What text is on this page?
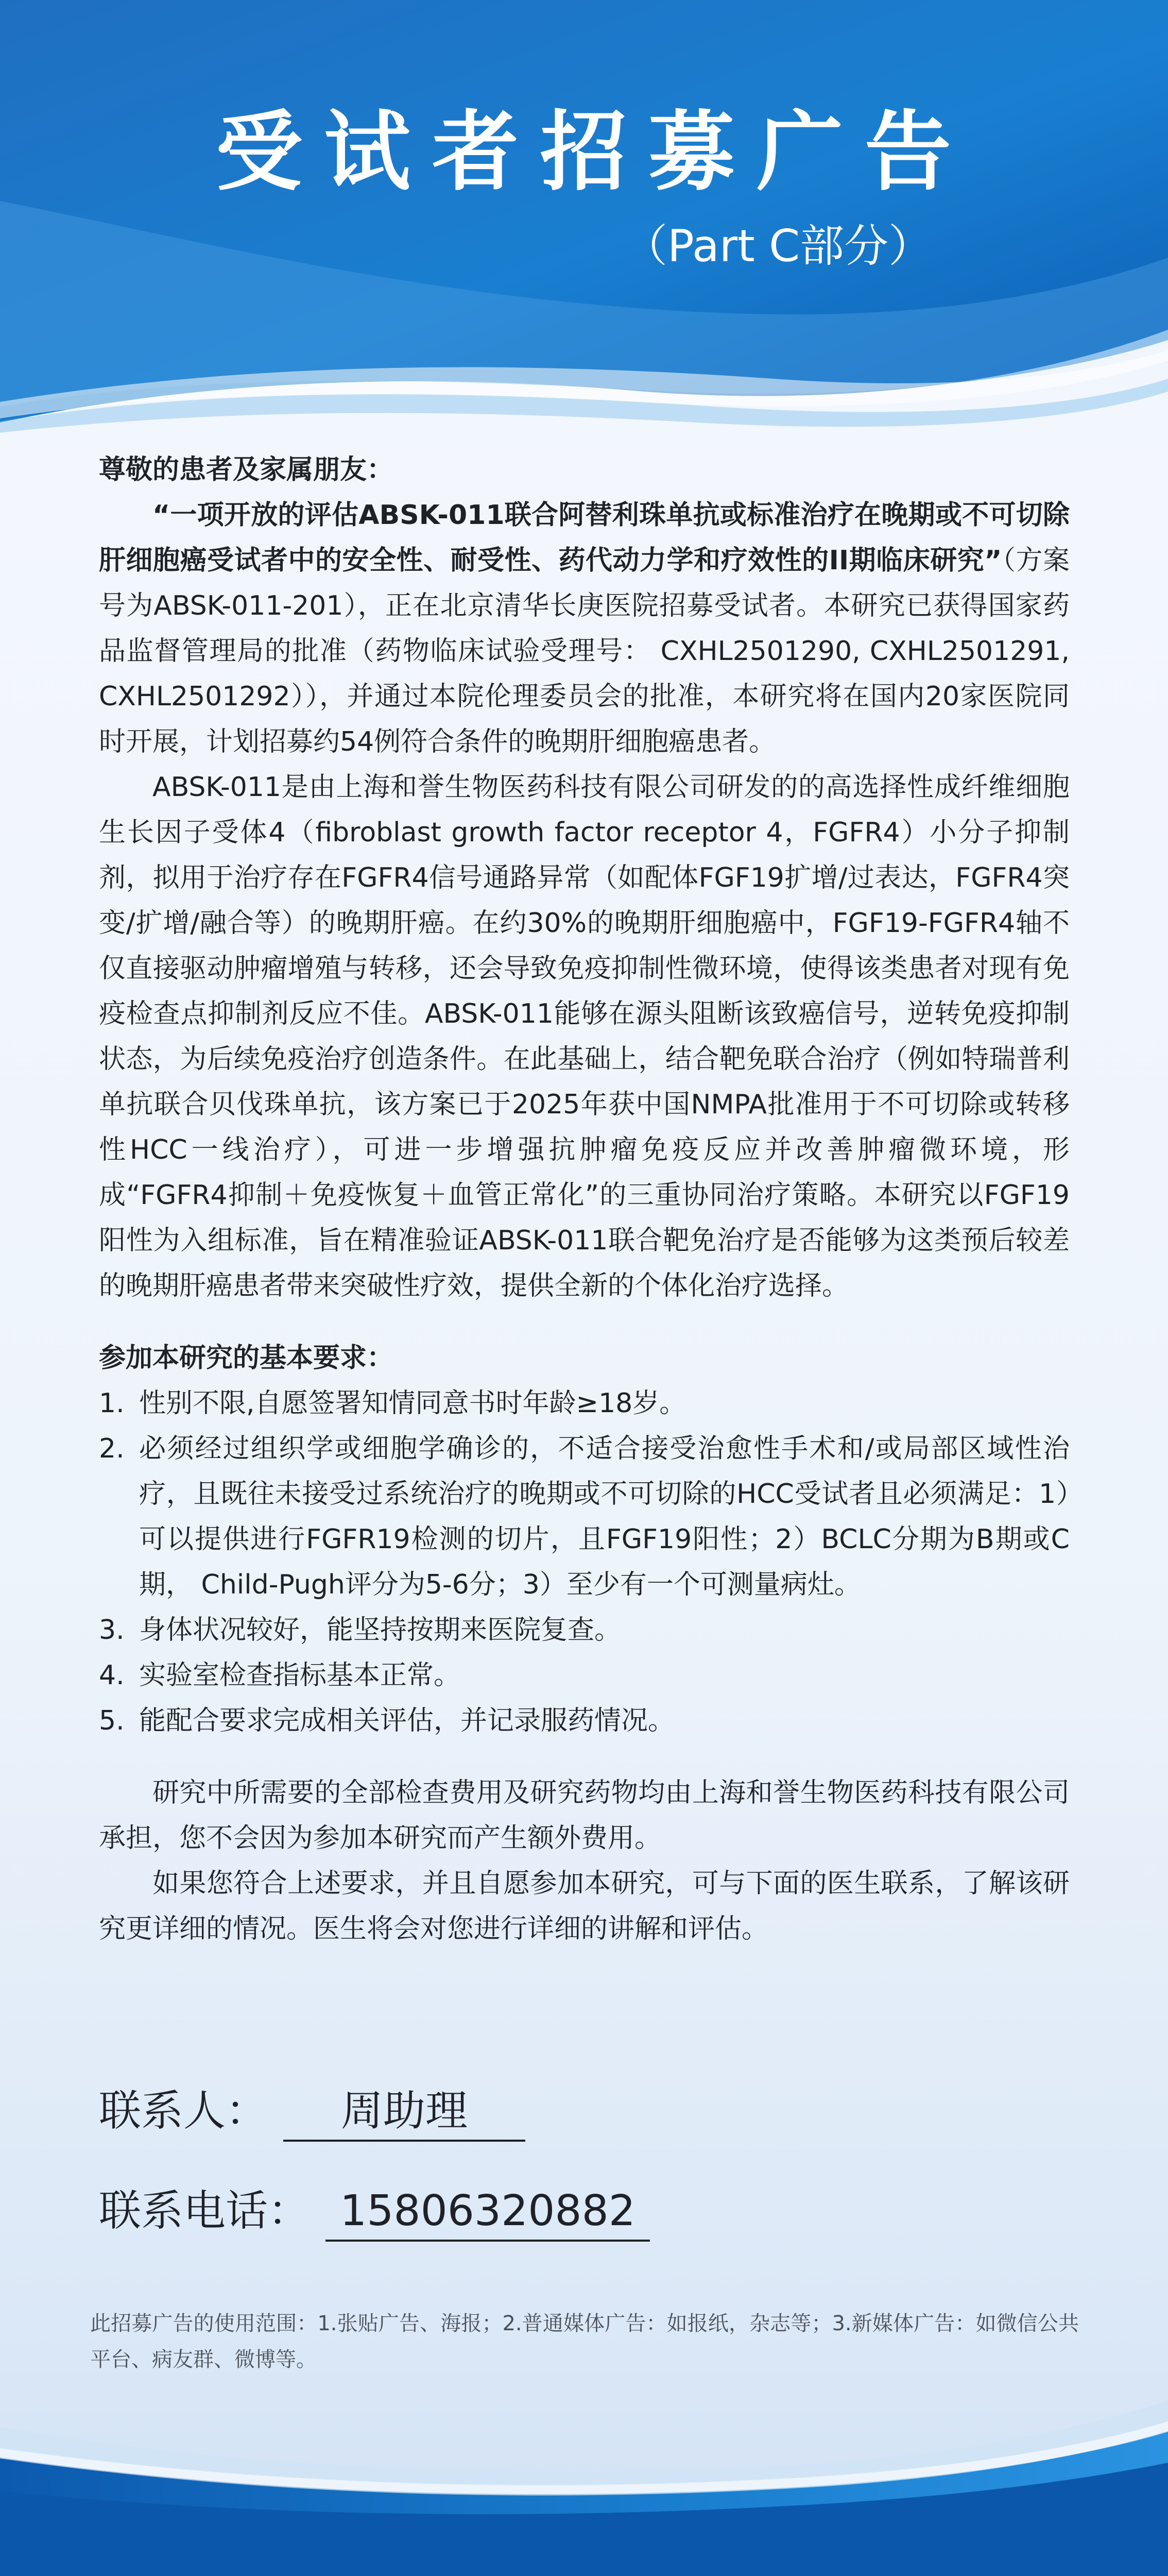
受试者招募广告
（Part C部分）

尊敬的患者及家属朋友：

“一项开放的评估ABSK-011联合阿替利珠单抗或标准治疗在晚期或不可切除肝细胞癌受试者中的安全性、耐受性、药代动力学和疗效性的II期临床研究”（方案号为ABSK-011-201），正在北京清华长庚医院招募受试者。本研究已获得国家药品监督管理局的批准（药物临床试验受理号： CXHL2501290, CXHL2501291, CXHL2501292）），并通过本院伦理委员会的批准，本研究将在国内20家医院同时开展，计划招募约54例符合条件的晚期肝细胞癌患者。

ABSK-011是由上海和誉生物医药科技有限公司研发的的高选择性成纤维细胞生长因子受体4（fibroblast growth factor receptor 4，FGFR4）小分子抑制剂，拟用于治疗存在FGFR4信号通路异常（如配体FGF19扩增/过表达，FGFR4突变/扩增/融合等）的晚期肝癌。在约30%的晚期肝细胞癌中，FGF19-FGFR4轴不仅直接驱动肿瘤增殖与转移，还会导致免疫抑制性微环境，使得该类患者对现有免疫检查点抑制剂反应不佳。ABSK-011能够在源头阻断该致癌信号，逆转免疫抑制状态，为后续免疫治疗创造条件。在此基础上，结合靶免联合治疗（例如特瑞普利单抗联合贝伐珠单抗，该方案已于2025年获中国NMPA批准用于不可切除或转移性HCC一线治疗），可进一步增强抗肿瘤免疫反应并改善肿瘤微环境，形成“FGFR4抑制＋免疫恢复＋血管正常化”的三重协同治疗策略。本研究以FGF19阳性为入组标准，旨在精准验证ABSK-011联合靶免治疗是否能够为这类预后较差的晚期肝癌患者带来突破性疗效，提供全新的个体化治疗选择。

参加本研究的基本要求：

1. 性别不限,自愿签署知情同意书时年龄≥18岁。
2. 必须经过组织学或细胞学确诊的，不适合接受治愈性手术和/或局部区域性治疗，且既往未接受过系统治疗的晚期或不可切除的HCC受试者且必须满足：1）可以提供进行FGFR19检测的切片，且FGF19阳性；2）BCLC分期为B期或C期， Child-Pugh评分为5-6分；3）至少有一个可测量病灶。
3. 身体状况较好，能坚持按期来医院复查。
4. 实验室检查指标基本正常。
5. 能配合要求完成相关评估，并记录服药情况。

研究中所需要的全部检查费用及研究药物均由上海和誉生物医药科技有限公司承担，您不会因为参加本研究而产生额外费用。

如果您符合上述要求，并且自愿参加本研究，可与下面的医生联系，了解该研究更详细的情况。医生将会对您进行详细的讲解和评估。

联系人： 周助理
联系电话： 15806320882
此招募广告的使用范围：1.张贴广告、海报；2.普通媒体广告：如报纸，杂志等；3.新媒体广告：如微信公共平台、病友群、微博等。
